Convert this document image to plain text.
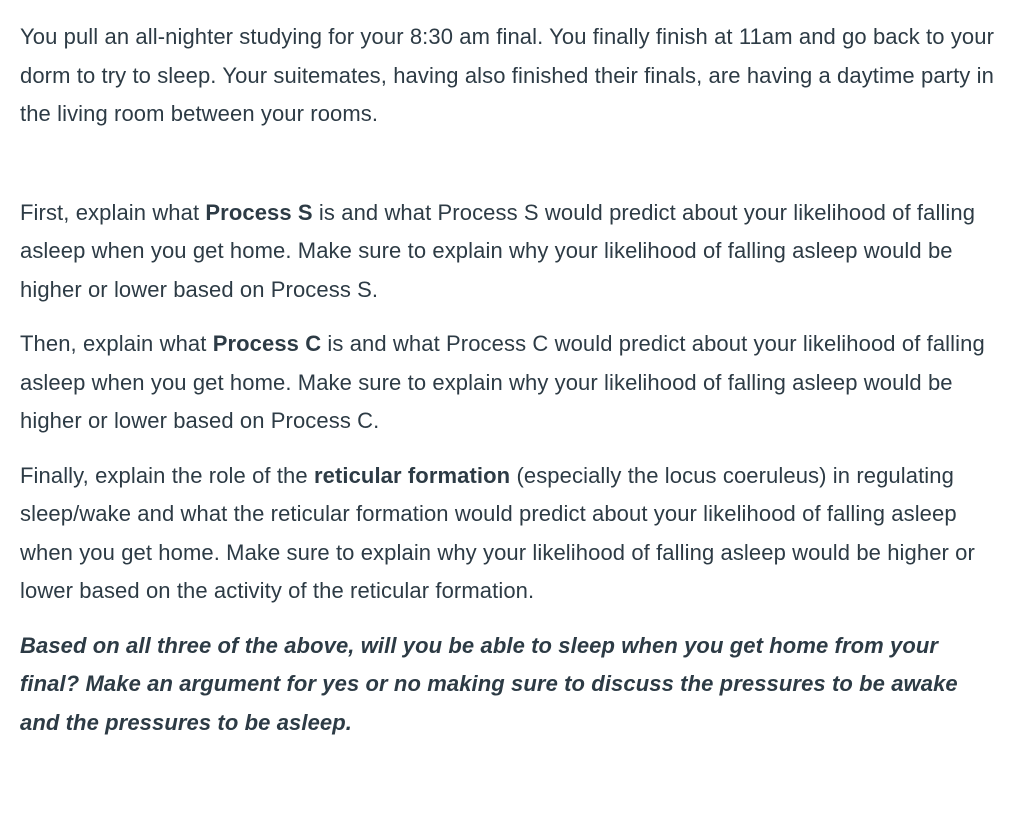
You pull an all-nighter studying for your 8:30 am final. You finally finish at 11am and go back to your dorm to try to sleep. Your suitemates, having also finished their finals, are having a daytime party in the living room between your rooms.

First, explain what Process S is and what Process S would predict about your likelihood of falling asleep when you get home. Make sure to explain why your likelihood of falling asleep would be higher or lower based on Process S.

Then, explain what Process C is and what Process C would predict about your likelihood of falling asleep when you get home. Make sure to explain why your likelihood of falling asleep would be higher or lower based on Process C.

Finally, explain the role of the reticular formation (especially the locus coeruleus) in regulating sleep/wake and what the reticular formation would predict about your likelihood of falling asleep when you get home. Make sure to explain why your likelihood of falling asleep would be higher or lower based on the activity of the reticular formation.

Based on all three of the above, will you be able to sleep when you get home from your final? Make an argument for yes or no making sure to discuss the pressures to be awake and the pressures to be asleep.
